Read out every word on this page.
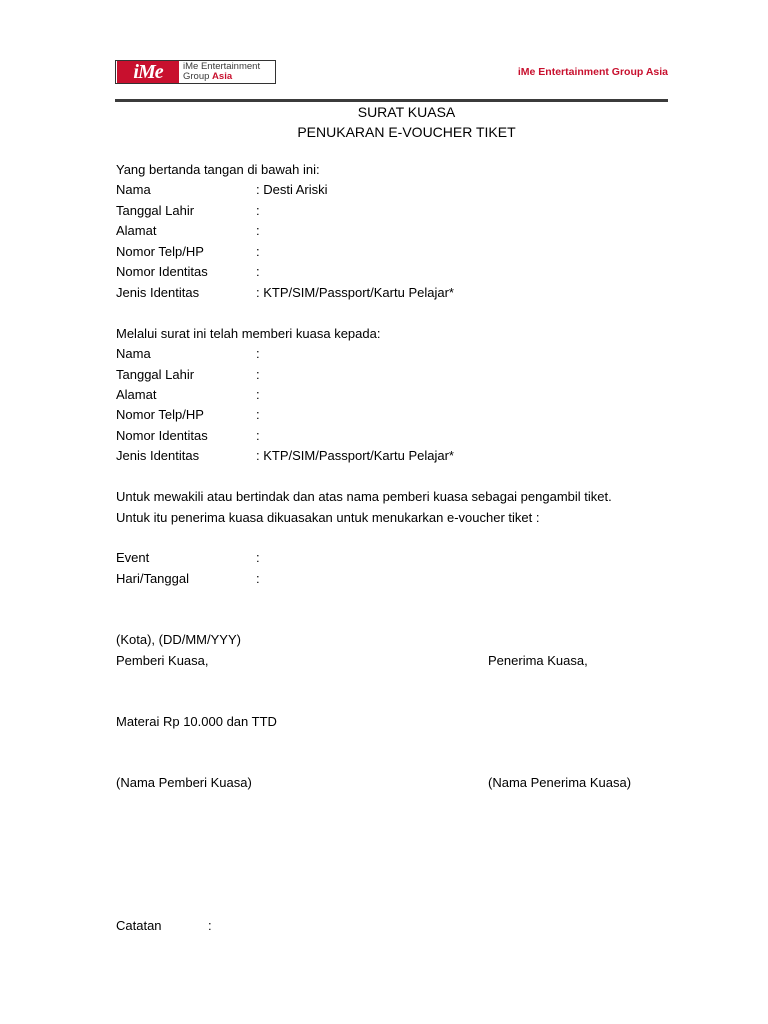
iMe	iMe Entertainment
Group Asia	iMe Entertainment Group Asia
SURAT KUASA
PENUKARAN E-VOUCHER TIKET
Yang bertanda tangan di bawah ini:
Nama	: Desti Ariski
Tanggal Lahir	:
Alamat	:
Nomor Telp/HP	:
Nomor Identitas	:
Jenis Identitas	: KTP/SIM/Passport/Kartu Pelajar*
Melalui surat ini telah memberi kuasa kepada:
Nama	:
Tanggal Lahir	:
Alamat	:
Nomor Telp/HP	:
Nomor Identitas	:
Jenis Identitas	: KTP/SIM/Passport/Kartu Pelajar*
Untuk mewakili atau bertindak dan atas nama pemberi kuasa sebagai pengambil tiket.
Untuk itu penerima kuasa dikuasakan untuk menukarkan e-voucher tiket :
Event	:
Hari/Tanggal	:
(Kota), (DD/MM/YYY)
Pemberi Kuasa,	Penerima Kuasa,
Materai Rp 10.000 dan TTD
(Nama Pemberi Kuasa)	(Nama Penerima Kuasa)
Catatan	:
